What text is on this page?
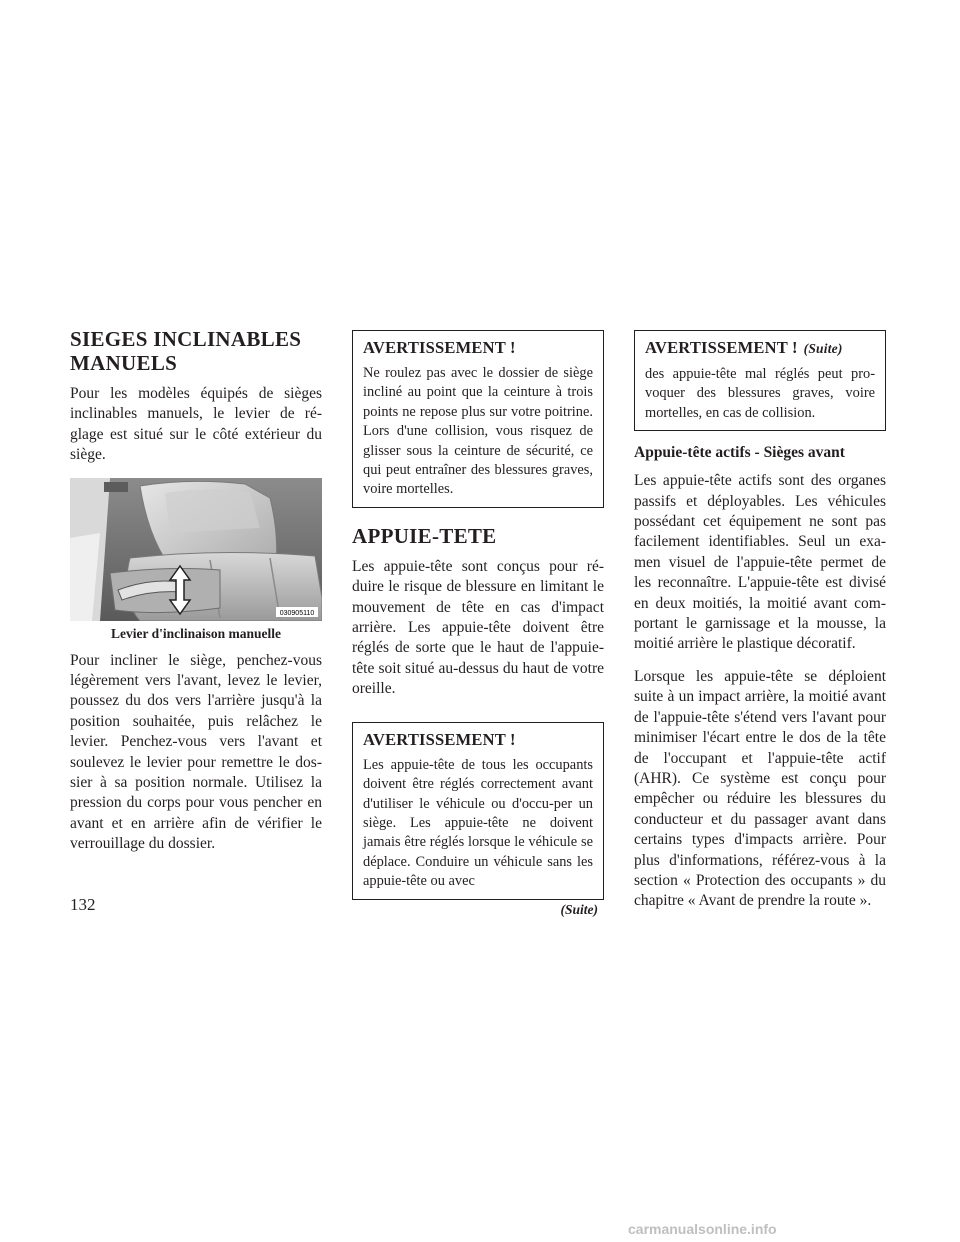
SIEGES INCLINABLES MANUELS

Pour les modèles équipés de sièges inclinables manuels, le levier de ré-glage est situé sur le côté extérieur du siège.

030905110
Levier d'inclinaison manuelle

Pour incliner le siège, penchez-vous légèrement vers l'avant, levez le levier, poussez du dos vers l'arrière jusqu'à la position souhaitée, puis relâchez le levier. Penchez-vous vers l'avant et soulevez le levier pour remettre le dos-sier à sa position normale. Utilisez la pression du corps pour vous pencher en avant et en arrière afin de vérifier le verrouillage du dossier.

AVERTISSEMENT !

Ne roulez pas avec le dossier de siège incliné au point que la ceinture à trois points ne repose plus sur votre poitrine. Lors d'une collision, vous risquez de glisser sous la ceinture de sécurité, ce qui peut entraîner des blessures graves, voire mortelles.

APPUIE-TETE

Les appuie-tête sont conçus pour ré-duire le risque de blessure en limitant le mouvement de tête en cas d'impact arrière. Les appuie-tête doivent être réglés de sorte que le haut de l'appuie-tête soit situé au-dessus du haut de votre oreille.

AVERTISSEMENT !

Les appuie-tête de tous les occupants doivent être réglés correctement avant d'utiliser le véhicule ou d'occu-per un siège. Les appuie-tête ne doivent jamais être réglés lorsque le véhicule se déplace. Conduire un véhicule sans les appuie-tête ou avec

(Suite)
AVERTISSEMENT ! (Suite)

des appuie-tête mal réglés peut pro-voquer des blessures graves, voire mortelles, en cas de collision.

Appuie-tête actifs - Sièges avant

Les appuie-tête actifs sont des organes passifs et déployables. Les véhicules possédant cet équipement ne sont pas facilement identifiables. Seul un exa-men visuel de l'appuie-tête permet de les reconnaître. L'appuie-tête est divisé en deux moitiés, la moitié avant com-portant le garnissage et la mousse, la moitié arrière le plastique décoratif.

Lorsque les appuie-tête se déploient suite à un impact arrière, la moitié avant de l'appuie-tête s'étend vers l'avant pour minimiser l'écart entre le dos de la tête de l'occupant et l'appuie-tête actif (AHR). Ce système est conçu pour empêcher ou réduire les blessures du conducteur et du passager avant dans certains types d'impacts arrière. Pour plus d'informations, référez-vous à la section « Protection des occupants » du chapitre « Avant de prendre la route ».

132
carmanualsonline.info
